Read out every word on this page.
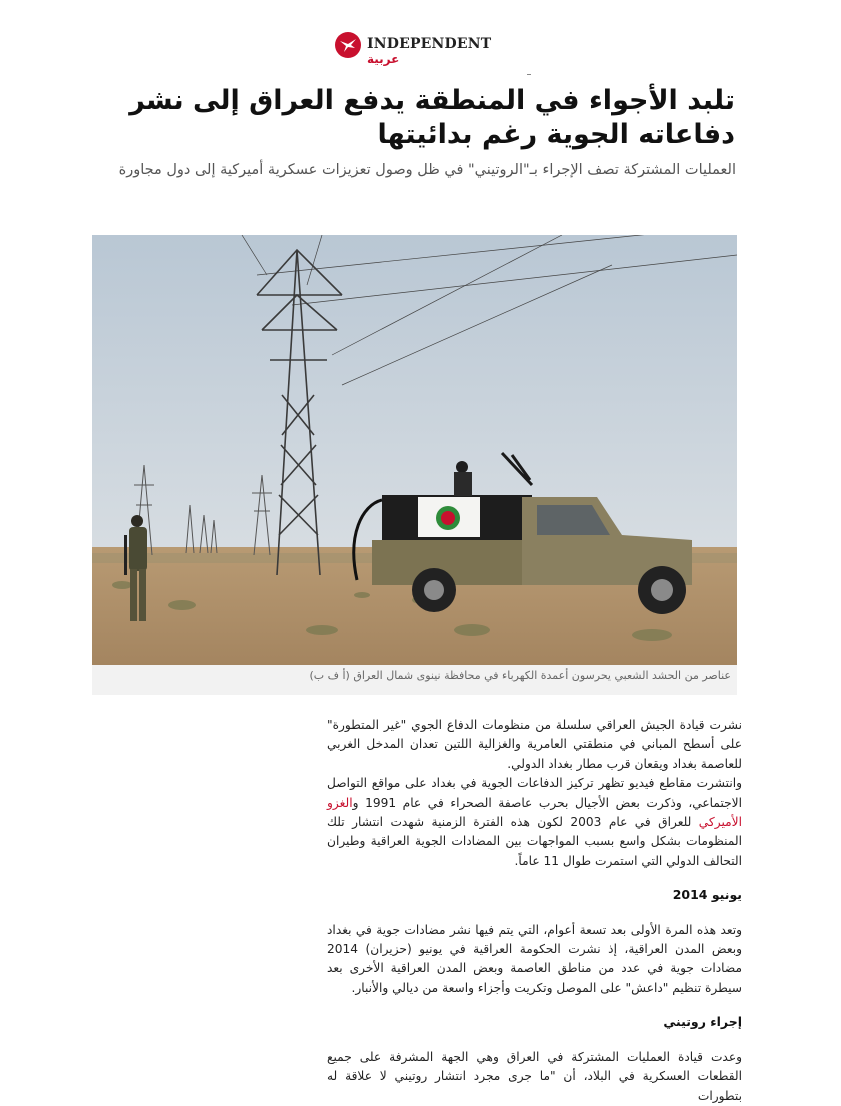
INDEPENDENT
عربية
تلبد الأجواء في المنطقة يدفع العراق إلى نشر دفاعاته الجوية رغم بدائيتها

العمليات المشتركة تصف الإجراء بـ"الروتيني" في ظل وصول تعزيزات عسكرية أميركية إلى دول مجاورة

عناصر من الحشد الشعبي يحرسون أعمدة الكهرباء في محافظة نينوى شمال العراق (أ ف ب)

نشرت قيادة الجيش العراقي سلسلة من منظومات الدفاع الجوي "غير المتطورة" على أسطح المباني في منطقتي العامرية والغزالية اللتين تعدان المدخل الغربي للعاصمة بغداد ويقعان قرب مطار بغداد الدولي.

وانتشرت مقاطع فيديو تظهر تركيز الدفاعات الجوية في بغداد على مواقع التواصل الاجتماعي، وذكرت بعض الأجيال بحرب عاصفة الصحراء في عام 1991 والغزو الأميركي للعراق في عام 2003 لكون هذه الفترة الزمنية شهدت انتشار تلك المنظومات بشكل واسع بسبب المواجهات بين المضادات الجوية العراقية وطيران التحالف الدولي التي استمرت طوال 11 عاماً.

يونيو 2014

وتعد هذه المرة الأولى بعد تسعة أعوام، التي يتم فيها نشر مضادات جوية في بغداد وبعض المدن العراقية، إذ نشرت الحكومة العراقية في يونيو (حزيران) 2014 مضادات جوية في عدد من مناطق العاصمة وبعض المدن العراقية الأخرى بعد سيطرة تنظيم "داعش" على الموصل وتكريت وأجزاء واسعة من ديالي والأنبار.

إجراء روتيني

وعدت قيادة العمليات المشتركة في العراق وهي الجهة المشرفة على جميع القطعات العسكرية في البلاد، أن "ما جرى مجرد انتشار روتيني لا علاقة له بتطورات
